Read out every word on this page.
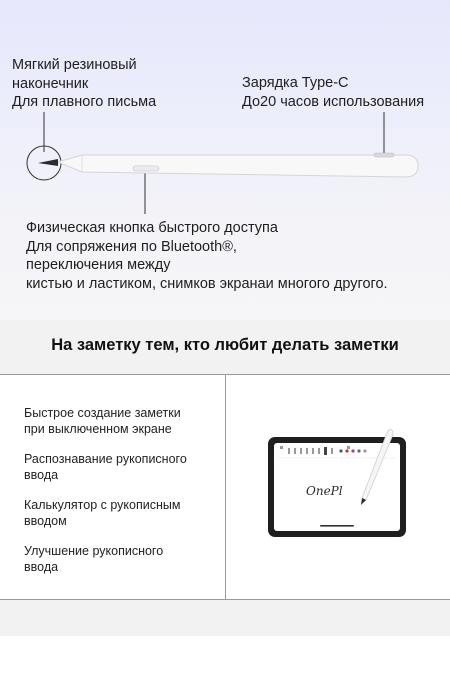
Мягкий резиновый
наконечник
Для плавного письма
Зарядка Type-C
До20 часов использования
Физическая кнопка быстрого доступа
Для сопряжения по Bluetooth®,
переключения между
кистью и ластиком, снимков экранаи многого другого.
На заметку тем, кто любит делать заметки
Быстрое создание заметки
при выключенном экране
Распознавание рукописного
ввода
Калькулятор с рукописным
вводом
Улучшение рукописного
ввода
OnePl
